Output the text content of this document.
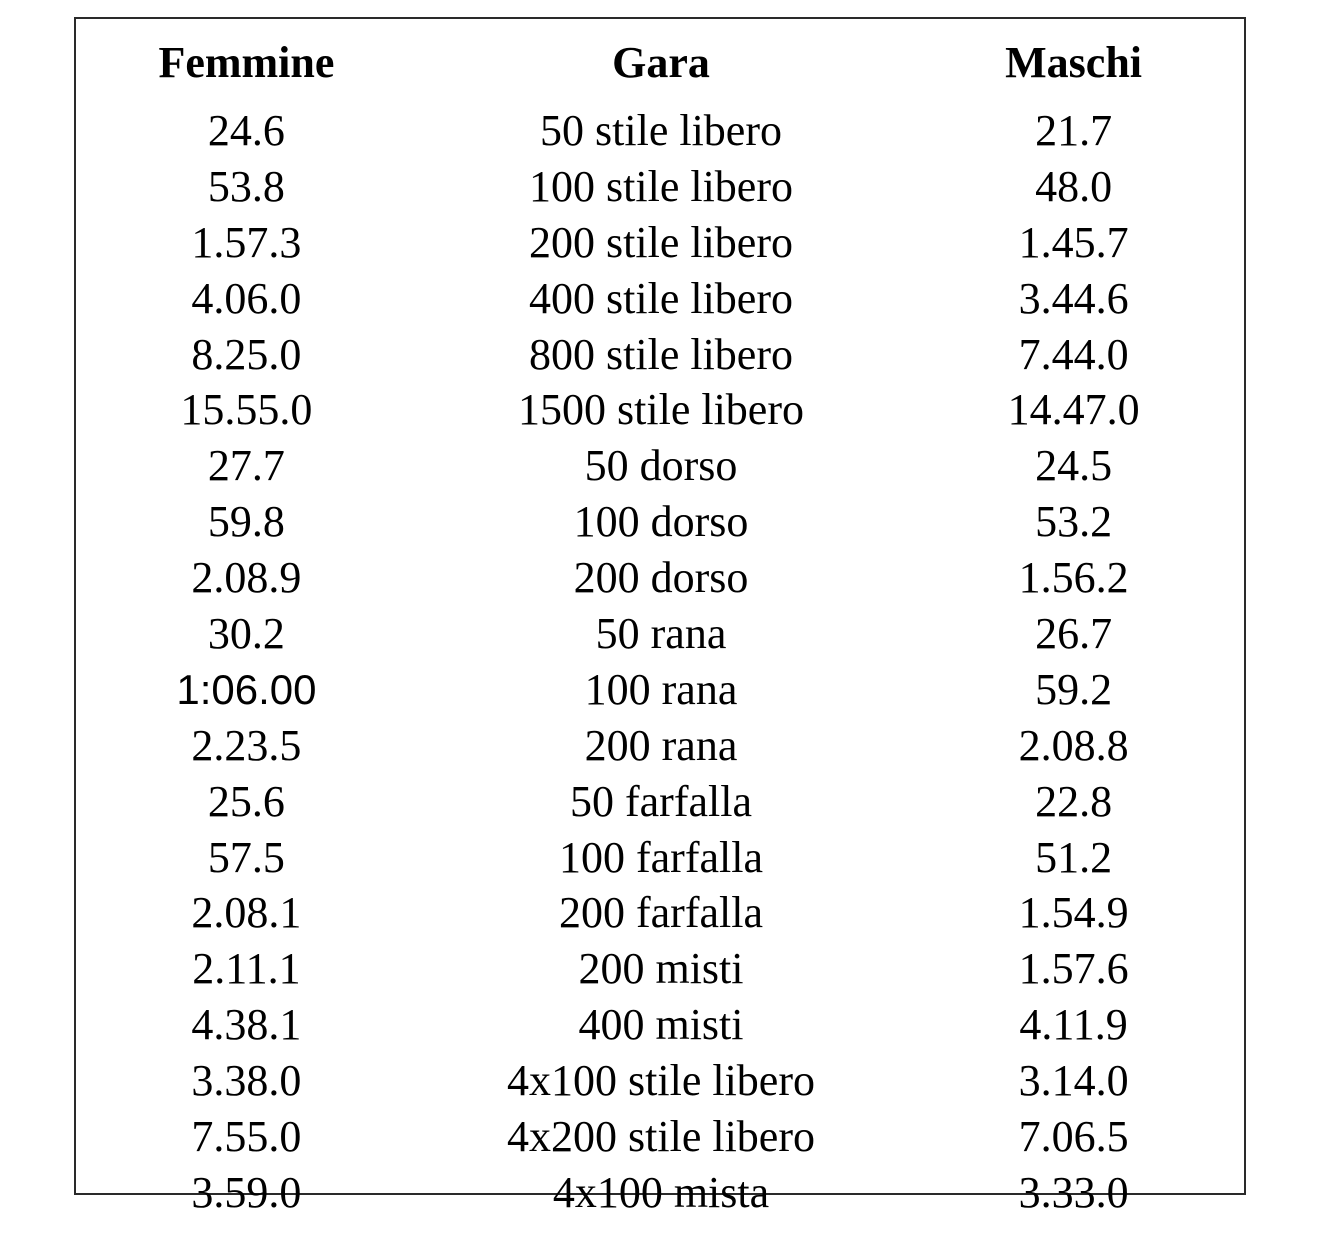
Femmine	Gara	Maschi
24.6	50 stile libero	21.7
53.8	100 stile libero	48.0
1.57.3	200 stile libero	1.45.7
4.06.0	400 stile libero	3.44.6
8.25.0	800 stile libero	7.44.0
15.55.0	1500 stile libero	14.47.0
27.7	50 dorso	24.5
59.8	100 dorso	53.2
2.08.9	200 dorso	1.56.2
30.2	50 rana	26.7
1:06.00	100 rana	59.2
2.23.5	200 rana	2.08.8
25.6	50 farfalla	22.8
57.5	100 farfalla	51.2
2.08.1	200 farfalla	1.54.9
2.11.1	200 misti	1.57.6
4.38.1	400 misti	4.11.9
3.38.0	4x100 stile libero	3.14.0
7.55.0	4x200 stile libero	7.06.5
3.59.0	4x100 mista	3.33.0
